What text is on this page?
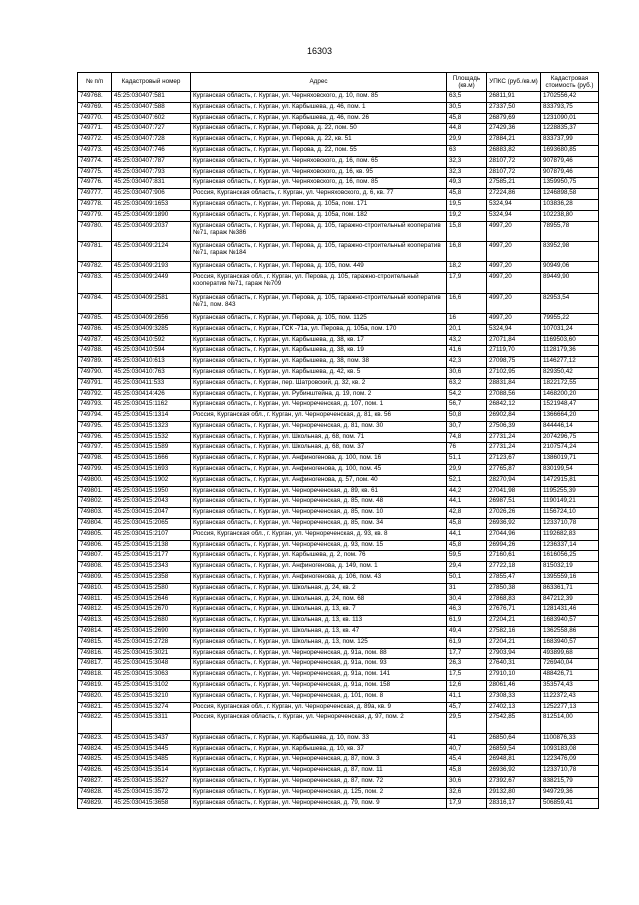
16303
№ п/п	Кадастровый номер	Адрес	Площадь (кв.м)	УПКС (руб./кв.м)	Кадастровая стоимость (руб.)
749768.	45:25:030407:581	Курганская область, г. Курган, ул. Черняховского, д. 10, пом. 85	63,5	26811,91	1702556,42
749769.	45:25:030407:588	Курганская область, г. Курган, ул. Карбышева, д. 46, пом. 1	30,5	27337,50	833793,75
749770.	45:25:030407:602	Курганская область, г. Курган, ул. Карбышева, д. 46, пом. 26	45,8	26879,69	1231090,01
749771.	45:25:030407:727	Курганская область, г. Курган, ул. Перова, д. 22, пом. 50	44,8	27429,36	1228835,37
749772.	45:25:030407:728	Курганская область, г. Курган, ул. Перова, д. 22, кв. 51	29,9	27884,21	833737,99
749773.	45:25:030407:746	Курганская область, г. Курган, ул. Перова, д. 22, пом. 55	63	26883,82	1693680,85
749774.	45:25:030407:787	Курганская область, г. Курган, ул. Черняховского, д. 16, пом. 65	32,3	28107,72	907879,46
749775.	45:25:030407:793	Курганская область, г. Курган, ул. Черняховского, д. 16, кв. 95	32,3	28107,72	907879,46
749776.	45:25:030407:831	Курганская область, г. Курган, ул. Черняховского, д. 16, пом. 85	49,3	27585,21	1359950,75
749777.	45:25:030407:906	Россия, Курганская область, г. Курган, ул. Черняховского, д. 6, кв. 77	45,8	27224,86	1246898,58
749778.	45:25:030409:1653	Курганская область, г. Курган, ул. Перова, д. 105а, пом. 171	19,5	5324,94	103836,28
749779.	45:25:030409:1890	Курганская область, г. Курган, ул. Перова, д. 105а, пом. 182	19,2	5324,94	102238,80
749780.	45:25:030409:2037	Курганская область, г. Курган, ул. Перова, д. 105, гаражно-строительный кооператив №71, гараж №386	15,8	4997,20	78955,78
749781.	45:25:030409:2124	Курганская область, г. Курган, ул. Перова, д. 105, гаражно-строительный кооператив №71, гараж №184	16,8	4997,20	83952,98
749782.	45:25:030409:2193	Курганская область, г. Курган, ул. Перова, д. 105, пом. 449	18,2	4997,20	90949,06
749783.	45:25:030409:2449	Россия, Курганская обл., г. Курган, ул. Перова, д. 105, гаражно-строительный кооператив №71, гараж №709	17,9	4997,20	89449,90
749784.	45:25:030409:2581	Курганская область, г. Курган, ул. Перова, д. 105, гаражно-строительный кооператив №71, пом. 843	16,6	4997,20	82953,54
749785.	45:25:030409:2656	Курганская область, г. Курган, ул. Перова, д. 105, пом. 1125	16	4997,20	79955,22
749786.	45:25:030409:3285	Курганская область, г. Курган, ГСК -71а, ул. Перова, д. 105а, пом. 170	20,1	5324,94	107031,24
749787.	45:25:030410:592	Курганская область, г. Курган, ул. Карбышева, д. 38, кв. 17	43,2	27071,84	1169503,60
749788.	45:25:030410:594	Курганская область, г. Курган, ул. Карбышева, д. 38, кв. 19	41,6	27119,70	1128179,36
749789.	45:25:030410:613	Курганская область, г. Курган, ул. Карбышева, д. 38, пом. 38	42,3	27098,75	1146277,12
749790.	45:25:030410:763	Курганская область, г. Курган, ул. Карбышева, д. 42, кв. 5	30,6	27102,95	829350,42
749791.	45:25:030411:533	Курганская область, г. Курган, пер. Шатровский, д. 32, кв. 2	63,2	28831,84	1822172,55
749792.	45:25:030414:426	Курганская область, г. Курган, ул. Рубинштейна, д. 19, пом. 2	54,2	27088,56	1468200,20
749793.	45:25:030415:1162	Курганская область, г. Курган, ул. Чернореченская, д. 107, пом. 1	56,7	26842,12	1521948,47
749794.	45:25:030415:1314	Россия, Курганская обл., г. Курган, ул. Чернореченская, д. 81, кв. 56	50,8	26902,84	1366664,20
749795.	45:25:030415:1323	Курганская область, г. Курган, ул. Чернореченская, д. 81, пом. 30	30,7	27506,39	844446,14
749796.	45:25:030415:1532	Курганская область, г. Курган, ул. Школьная, д. 68, пом. 71	74,8	27731,24	2074296,75
749797.	45:25:030415:1589	Курганская область, г. Курган, ул. Школьная, д. 68, пом. 37	76	27731,24	2107574,24
749798.	45:25:030415:1666	Курганская область, г. Курган, ул. Анфиногенова, д. 100, пом. 16	51,1	27123,67	1386019,71
749799.	45:25:030415:1693	Курганская область, г. Курган, ул. Анфиногенова, д. 100, пом. 45	29,9	27765,87	830199,54
749800.	45:25:030415:1902	Курганская область, г. Курган, ул. Анфиногенова, д. 57, пом. 40	52,1	28270,94	1472915,81
749801.	45:25:030415:1950	Курганская область, г. Курган, ул. Чернореченская, д. 89, кв. 61	44,2	27041,98	1195255,39
749802.	45:25:030415:2043	Курганская область, г. Курган, ул. Чернореченская, д. 85, пом. 48	44,1	26987,51	1190149,21
749803.	45:25:030415:2047	Курганская область, г. Курган, ул. Чернореченская, д. 85, пом. 10	42,8	27026,26	1156724,10
749804.	45:25:030415:2065	Курганская область, г. Курган, ул. Чернореченская, д. 85, пом. 34	45,8	26936,92	1233710,78
749805.	45:25:030415:2107	Россия, Курганская обл., г. Курган, ул. Чернореченская, д. 93, кв. 8	44,1	27044,96	1192682,83
749806.	45:25:030415:2138	Курганская область, г. Курган, ул. Чернореченская, д. 93, пом. 15	45,8	26994,26	1236337,14
749807.	45:25:030415:2177	Курганская область, г. Курган, ул. Карбышева, д. 2, пом. 76	59,5	27160,61	1616056,25
749808.	45:25:030415:2343	Курганская область, г. Курган, ул. Анфиногенова, д. 149, пом. 1	29,4	27722,18	815032,19
749809.	45:25:030415:2358	Курганская область, г. Курган, ул. Анфиногенова, д. 106, пом. 43	50,1	27855,47	1395559,16
749810.	45:25:030415:2580	Курганская область, г. Курган, ул. Школьная, д. 24, кв. 2	31	27850,38	863361,71
749811.	45:25:030415:2646	Курганская область, г. Курган, ул. Школьная, д. 24, пом. 68	30,4	27868,83	847212,39
749812.	45:25:030415:2670	Курганская область, г. Курган, ул. Школьная, д. 13, кв. 7	46,3	27676,71	1281431,46
749813.	45:25:030415:2680	Курганская область, г. Курган, ул. Школьная, д. 13, кв. 113	61,9	27204,21	1683940,57
749814.	45:25:030415:2690	Курганская область, г. Курган, ул. Школьная, д. 13, кв. 47	49,4	27582,16	1362558,86
749815.	45:25:030415:2728	Курганская область, г. Курган, ул. Школьная, д. 13, пом. 125	61,9	27204,21	1683940,57
749816.	45:25:030415:3021	Курганская область, г. Курган, ул. Чернореченская, д. 91а, пом. 88	17,7	27903,94	493899,68
749817.	45:25:030415:3048	Курганская область, г. Курган, ул. Чернореченская, д. 91а, пом. 93	26,3	27640,31	726940,04
749818.	45:25:030415:3063	Курганская область, г. Курган, ул. Чернореченская, д. 91а, пом. 141	17,5	27910,10	488426,71
749819.	45:25:030415:3102	Курганская область, г. Курган, ул. Чернореченская, д. 91а, пом. 158	12,6	28061,46	353574,43
749820.	45:25:030415:3210	Курганская область, г. Курган, ул. Чернореченская, д. 101, пом. 8	41,1	27308,33	1122372,43
749821.	45:25:030415:3274	Россия, Курганская обл., г. Курган, ул. Чернореченская, д. 89а, кв. 9	45,7	27402,13	1252277,13
749822.	45:25:030415:3311	Россия, Курганская область, г. Курган, ул. Чернореченская, д. 97, пом. 2	29,5	27542,85	812514,00
749823.	45:25:030415:3437	Курганская область, г. Курган, ул. Карбышева, д. 10, пом. 33	41	26850,64	1100876,33
749824.	45:25:030415:3445	Курганская область, г. Курган, ул. Карбышева, д. 10, кв. 37	40,7	26859,54	1093183,08
749825.	45:25:030415:3485	Курганская область, г. Курган, ул. Чернореченская, д. 87, пом. 3	45,4	26948,81	1223476,09
749826.	45:25:030415:3514	Курганская область, г. Курган, ул. Чернореченская, д. 87, пом. 11	45,8	26936,92	1233710,78
749827.	45:25:030415:3527	Курганская область, г. Курган, ул. Чернореченская, д. 87, пом. 72	30,6	27392,67	838215,79
749828.	45:25:030415:3572	Курганская область, г. Курган, ул. Чернореченская, д. 125, пом. 2	32,6	29132,80	949729,36
749829.	45:25:030415:3658	Курганская область, г. Курган, ул. Чернореченская, д. 79, пом. 9	17,9	28316,17	506859,41
